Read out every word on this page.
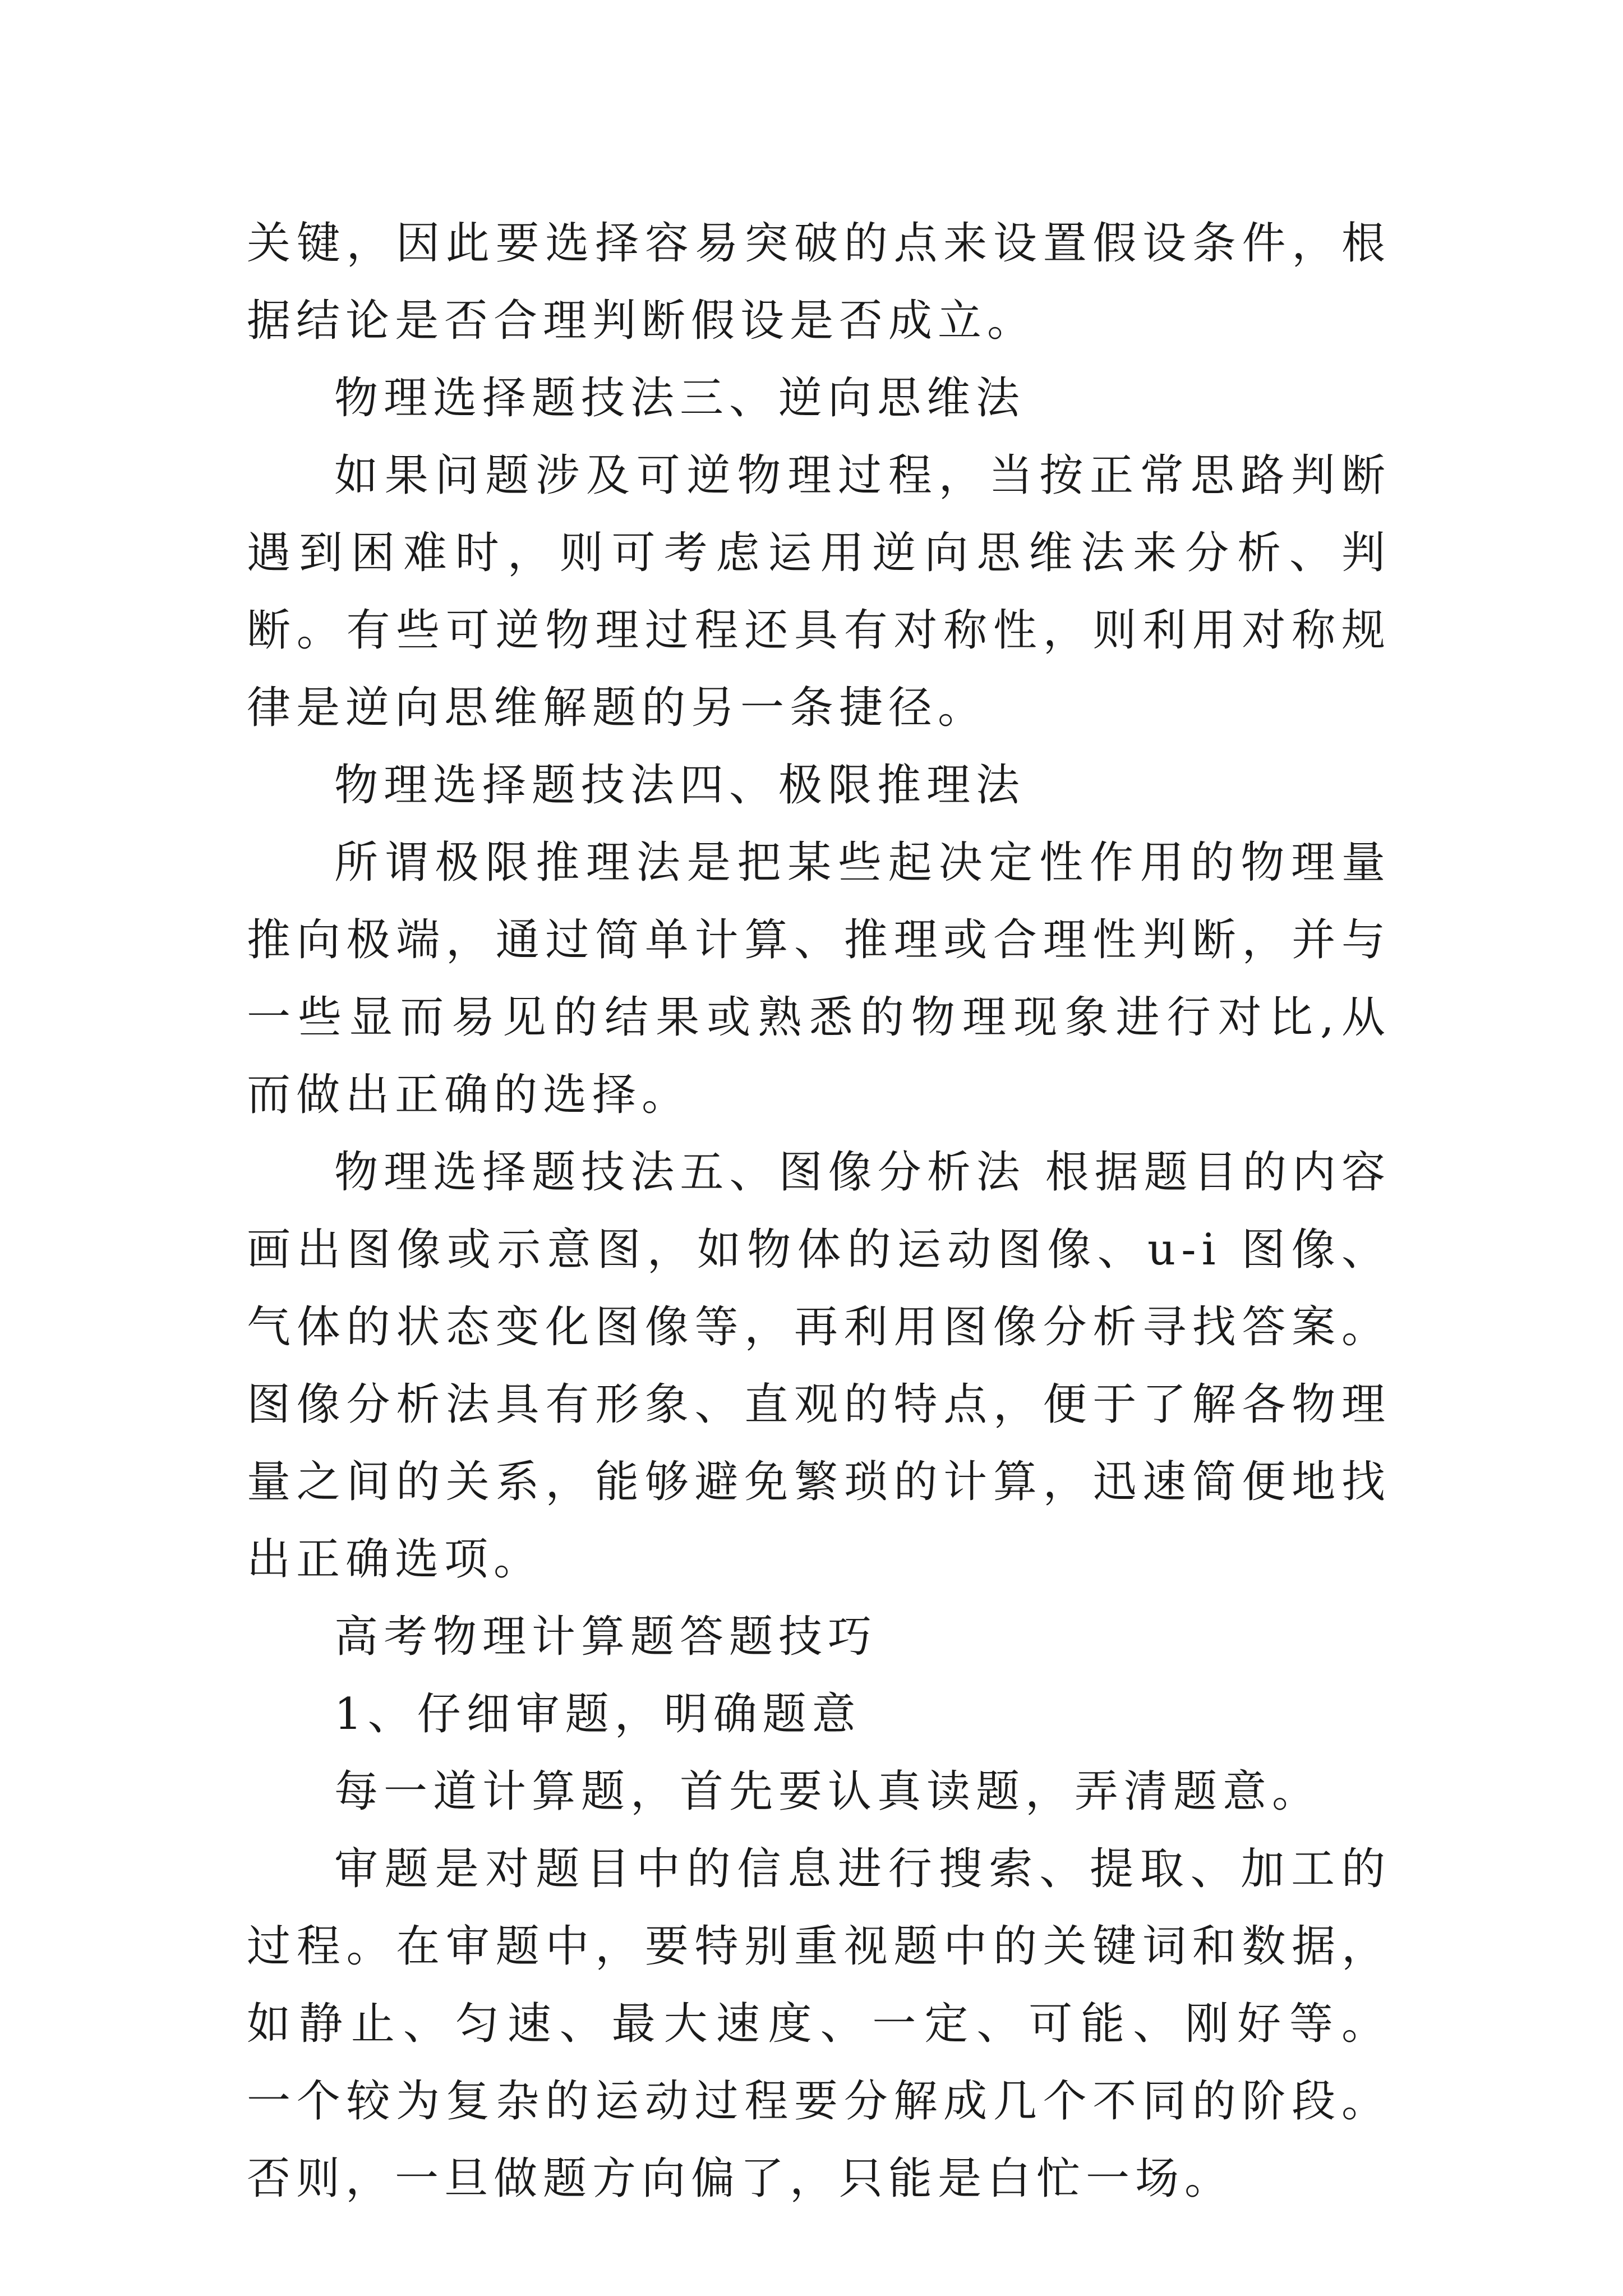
关键，因此要选择容易突破的点来设置假设条件，根据结论是否合理判断假设是否成立。

物理选择题技法三、逆向思维法

如果问题涉及可逆物理过程，当按正常思路判断遇到困难时，则可考虑运用逆向思维法来分析、判断。有些可逆物理过程还具有对称性，则利用对称规律是逆向思维解题的另一条捷径。

物理选择题技法四、极限推理法

所谓极限推理法是把某些起决定性作用的物理量推向极端，通过简单计算、推理或合理性判断，并与一些显而易见的结果或熟悉的物理现象进行对比,从而做出正确的选择。

物理选择题技法五、图像分析法 根据题目的内容画出图像或示意图，如物体的运动图像、u-i 图像、气体的状态变化图像等，再利用图像分析寻找答案。图像分析法具有形象、直观的特点，便于了解各物理量之间的关系，能够避免繁琐的计算，迅速简便地找出正确选项。

高考物理计算题答题技巧

1、仔细审题，明确题意

每一道计算题，首先要认真读题，弄清题意。

审题是对题目中的信息进行搜索、提取、加工的过程。在审题中，要特别重视题中的关键词和数据，如静止、匀速、最大速度、一定、可能、刚好等。 一个较为复杂的运动过程要分解成几个不同的阶段。否则，一旦做题方向偏了，只能是白忙一场。
